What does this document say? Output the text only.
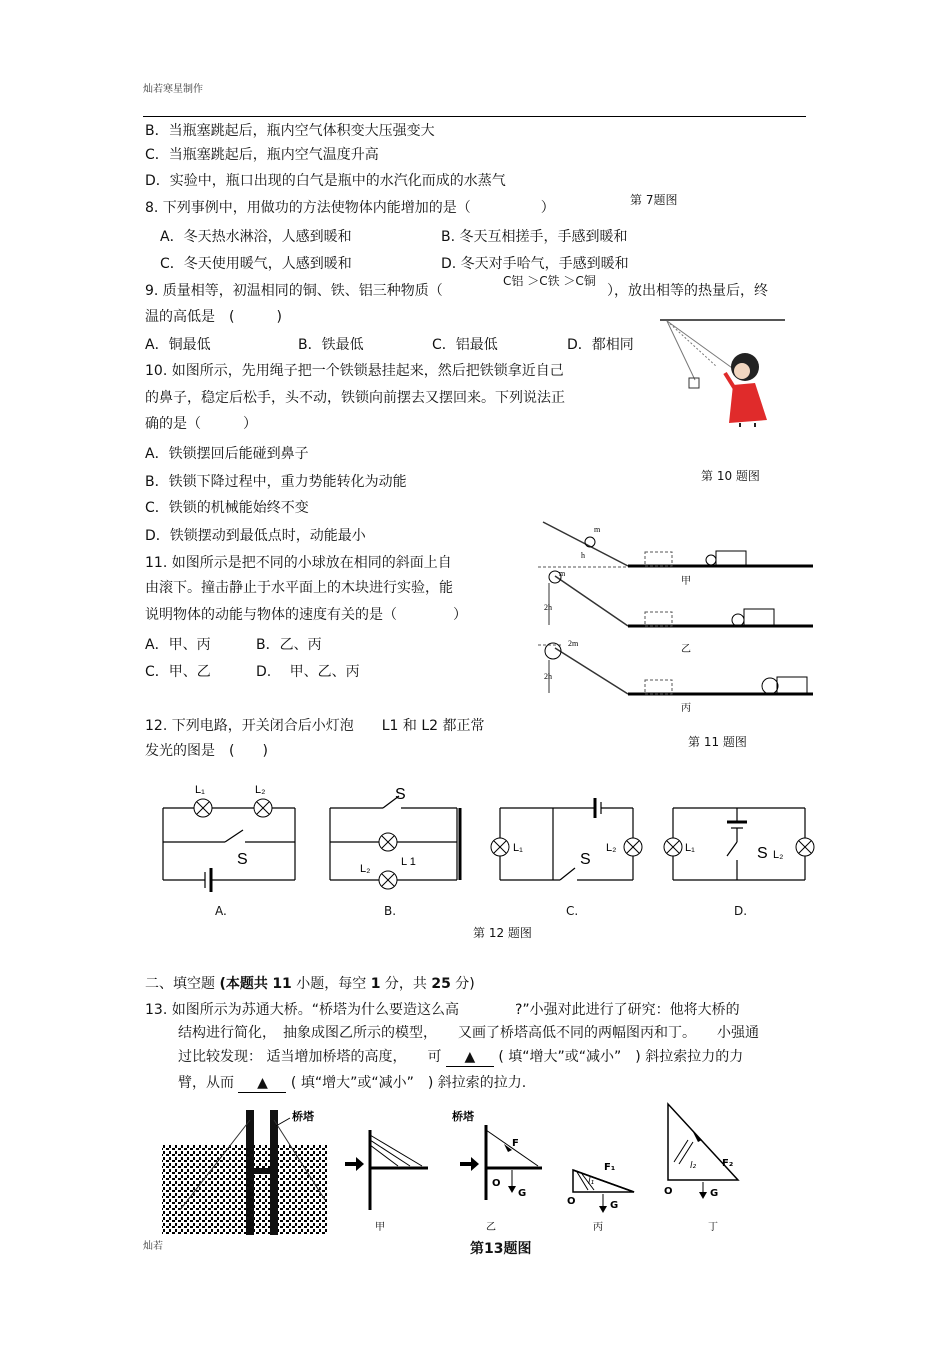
灿若寒星制作
B．当瓶塞跳起后，瓶内空气体积变大压强变大
C．当瓶塞跳起后，瓶内空气温度升高
D．实验中，瓶口出现的白气是瓶中的水汽化而成的水蒸气
第 7题图
8. 下列事例中，用做功的方法使物体内能增加的是（　　　　　）
A．冬天热水淋浴，人感到暖和	B. 冬天互相搓手，手感到暖和
C．冬天使用暖气，人感到暖和	D. 冬天对手哈气，手感到暖和
9. 质量相等，初温相同的铜、铁、铝三种物质（
C铝 ＞C铁 ＞C铜
），放出相等的热量后，终
温的高低是　(　　　)
A．铜最低	B．铁最低	C．铝最低	D．都相同
10. 如图所示，先用绳子把一个铁锁悬挂起来，然后把铁锁拿近自己
的鼻子，稳定后松手，头不动，铁锁向前摆去又摆回来。下列说法正
确的是（　　　）
A．铁锁摆回后能碰到鼻子
B．铁锁下降过程中，重力势能转化为动能
C．铁锁的机械能始终不变
D．铁锁摆动到最低点时，动能最小
第 10 题图
11. 如图所示是把不同的小球放在相同的斜面上自
由滚下。撞击静止于水平面上的木块进行实验，能
说明物体的动能与物体的速度有关的是（　　　　）
A．甲、丙	B．乙、丙
C．甲、乙	D.　 甲、乙、丙
m
h
甲
m
2h
乙
2m
2h
丙
第 11 题图
12. 下列电路，开关闭合后小灯泡　　L1 和 L2 都正常
发光的图是　(　　)
L₁	L₂
S
S
L₂
L 1
L₁	L₂
S
L₁	S L₂
A.	B.	C.	D.
第 12 题图
二、填空题 (本题共 11 小题，每空 1 分，共 25 分)
13. 如图所示为苏通大桥。“桥塔为什么要造这么高　　　　?”小强对此进行了研究：他将大桥的
结构进行简化，　抽象成图乙所示的模型，　　又画了桥塔高低不同的两幅图丙和丁。　　小强通
过比较发现： 适当增加桥塔的高度，　　可 ▲ ( 填“增大”或“减小”　) 斜拉索拉力的力
臂，从而 ▲ ( 填“增大”或“减小”　) 斜拉索的拉力.
桥塔
甲
桥塔
F
G
O
乙
F₁
l₁
G
O
丙
F₂
l₂
G
O
丁
第13题图
灿若
